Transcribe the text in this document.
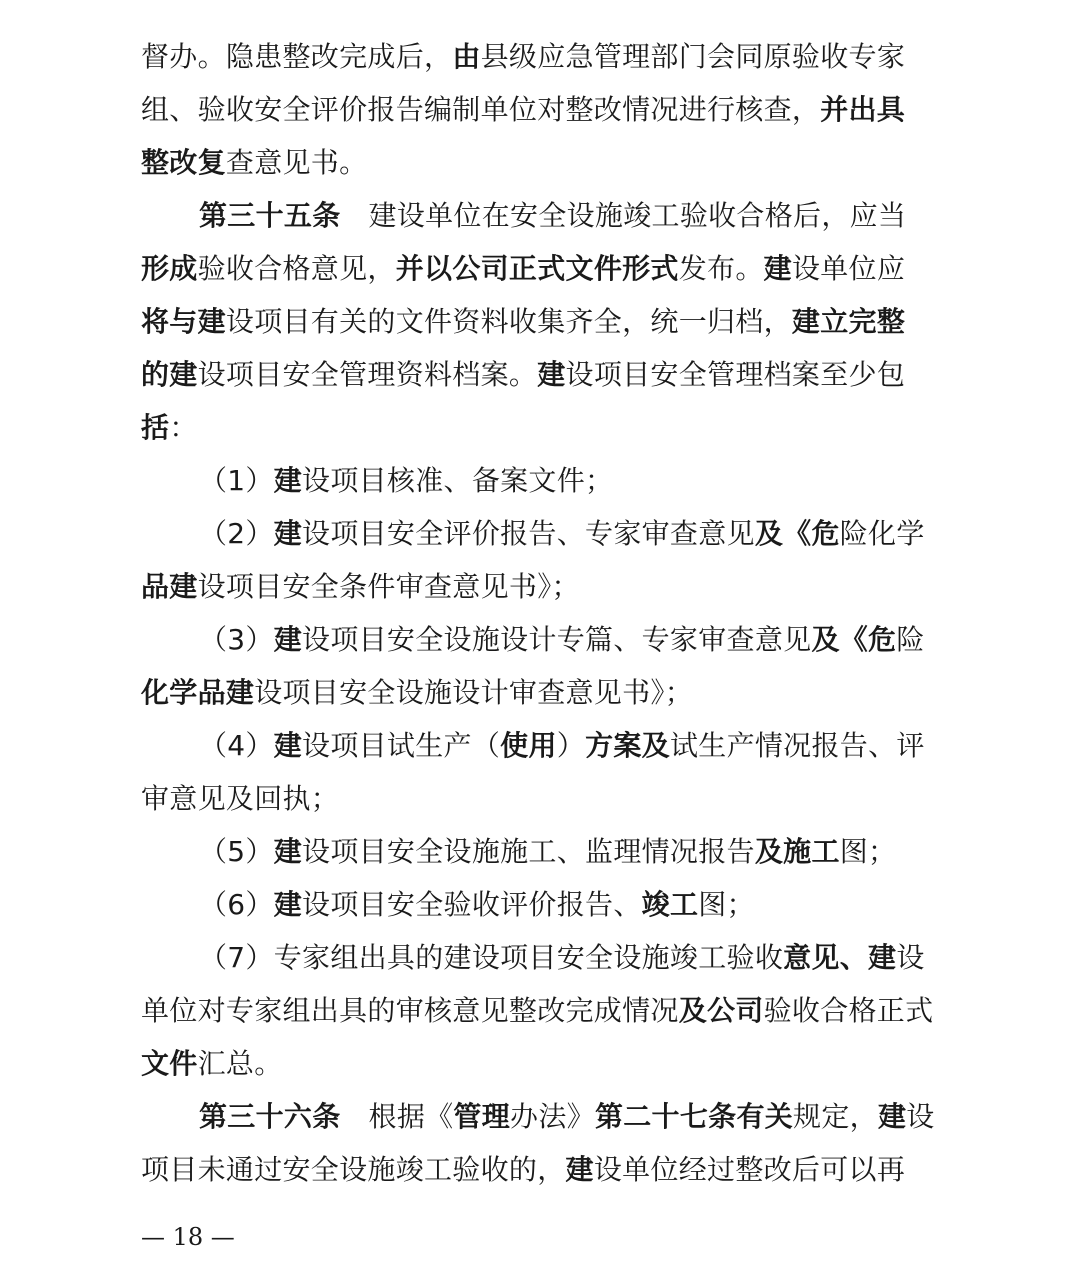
督办。隐患整改完成后，由县级应急管理部门会同原验收专家
组、验收安全评价报告编制单位对整改情况进行核查，并出具
整改复查意见书。
第三十五条 建设单位在安全设施竣工验收合格后，应当
形成验收合格意见，并以公司正式文件形式发布。建设单位应
将与建设项目有关的文件资料收集齐全，统一归档，建立完整
的建设项目安全管理资料档案。建设项目安全管理档案至少包
括：
（1）建设项目核准、备案文件；
（2）建设项目安全评价报告、专家审查意见及《危险化学
品建设项目安全条件审查意见书》；
（3）建设项目安全设施设计专篇、专家审查意见及《危险
化学品建设项目安全设施设计审查意见书》；
（4）建设项目试生产（使用）方案及试生产情况报告、评
审意见及回执；
（5）建设项目安全设施施工、监理情况报告及施工图；
（6）建设项目安全验收评价报告、竣工图；
（7）专家组出具的建设项目安全设施竣工验收意见、建设
单位对专家组出具的审核意见整改完成情况及公司验收合格正式
文件汇总。
第三十六条 根据《管理办法》第二十七条有关规定，建设
项目未通过安全设施竣工验收的，建设单位经过整改后可以再
— 18 —
